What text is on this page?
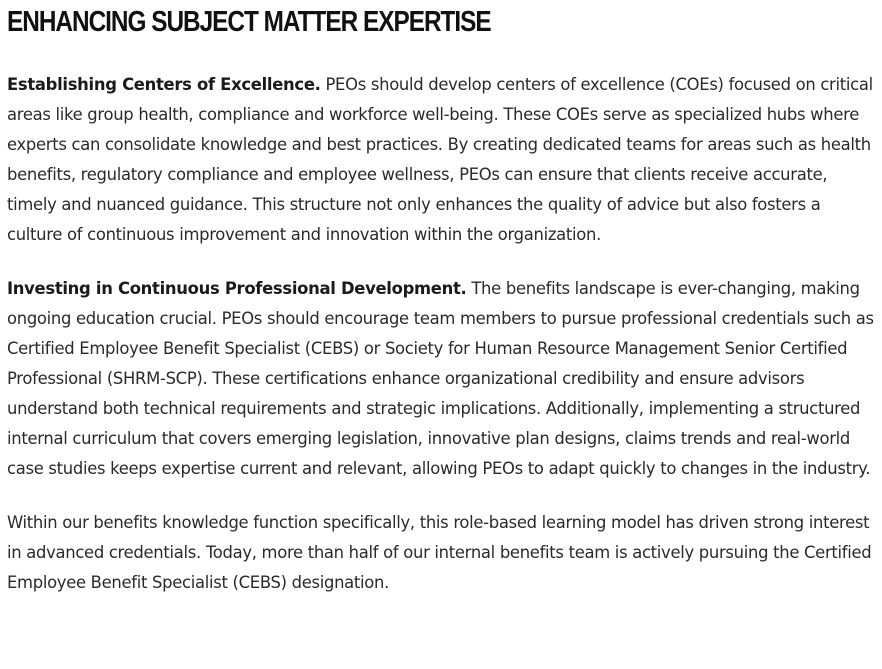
ENHANCING SUBJECT MATTER EXPERTISE

Establishing Centers of Excellence. PEOs should develop centers of excellence (COEs) focused on critical areas like group health, compliance and workforce well-being. These COEs serve as specialized hubs where experts can consolidate knowledge and best practices. By creating dedicated teams for areas such as health benefits, regulatory compliance and employee wellness, PEOs can ensure that clients receive accurate, timely and nuanced guidance. This structure not only enhances the quality of advice but also fosters a culture of continuous improvement and innovation within the organization.

Investing in Continuous Professional Development. The benefits landscape is ever-changing, making ongoing education crucial. PEOs should encourage team members to pursue professional credentials such as Certified Employee Benefit Specialist (CEBS) or Society for Human Resource Management Senior Certified Professional (SHRM-SCP). These certifications enhance organizational credibility and ensure advisors understand both technical requirements and strategic implications. Additionally, implementing a structured internal curriculum that covers emerging legislation, innovative plan designs, claims trends and real-world case studies keeps expertise current and relevant, allowing PEOs to adapt quickly to changes in the industry.

Within our benefits knowledge function specifically, this role-based learning model has driven strong interest in advanced credentials. Today, more than half of our internal benefits team is actively pursuing the Certified Employee Benefit Specialist (CEBS) designation.
